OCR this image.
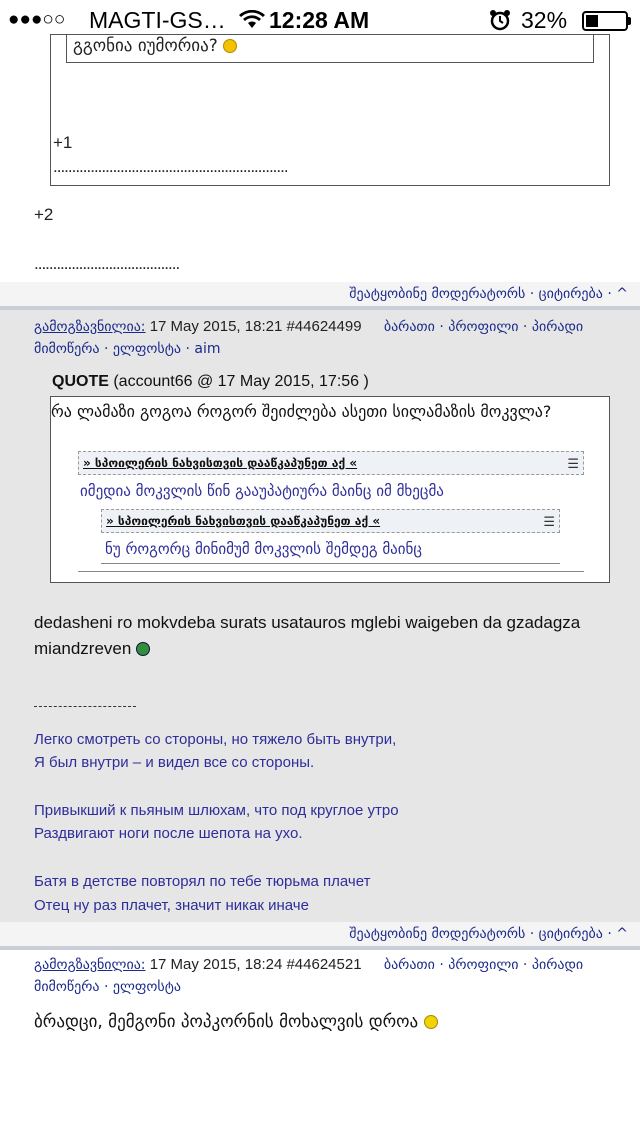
●●●○○ MAGTI-GS… 12:28 AM	32%
გგონია იუმორია?
+1
...............................................................
+2
.......................................
შეატყობინე მოდერატორს · ციტირება · ^
გამოგზავნილია: 17 May 2015, 18:21 #44624499 ბარათი · პროფილი · პირადი მიმოწერა · ელფოსტა · aim
QUOTE (account66 @ 17 May 2015, 17:56 )
რა ლამაზი გოგოა როგორ შეიძლება ასეთი სილამაზის მოკვლა?
» სპოილერის ნახვისთვის დააწკაპუნეთ აქ «	☰
იმედია მოკვლის წინ გააუპატიურა მაინც იმ მხეცმა
» სპოილერის ნახვისთვის დააწკაპუნეთ აქ «	☰
ნუ როგორც მინიმუმ მოკვლის შემდეგ მაინც
dedasheni ro mokvdeba surats usatauros mglebi waigeben da gzadagza miandzreven
Легко смотреть со стороны, но тяжело быть внутри,
Я был внутри – и видел все со стороны.
Привыкший к пьяным шлюхам, что под круглое утро
Раздвигают ноги после шепота на ухо.
Батя в детстве повторял по тебе тюрьма плачет
Отец ну раз плачет, значит никак иначе
შეატყობინე მოდერატორს · ციტირება · ^
გამოგზავნილია: 17 May 2015, 18:24 #44624521 ბარათი · პროფილი · პირადი მიმოწერა · ელფოსტა
ბრადცი, მემგონი პოპკორნის მოხალვის დროა
